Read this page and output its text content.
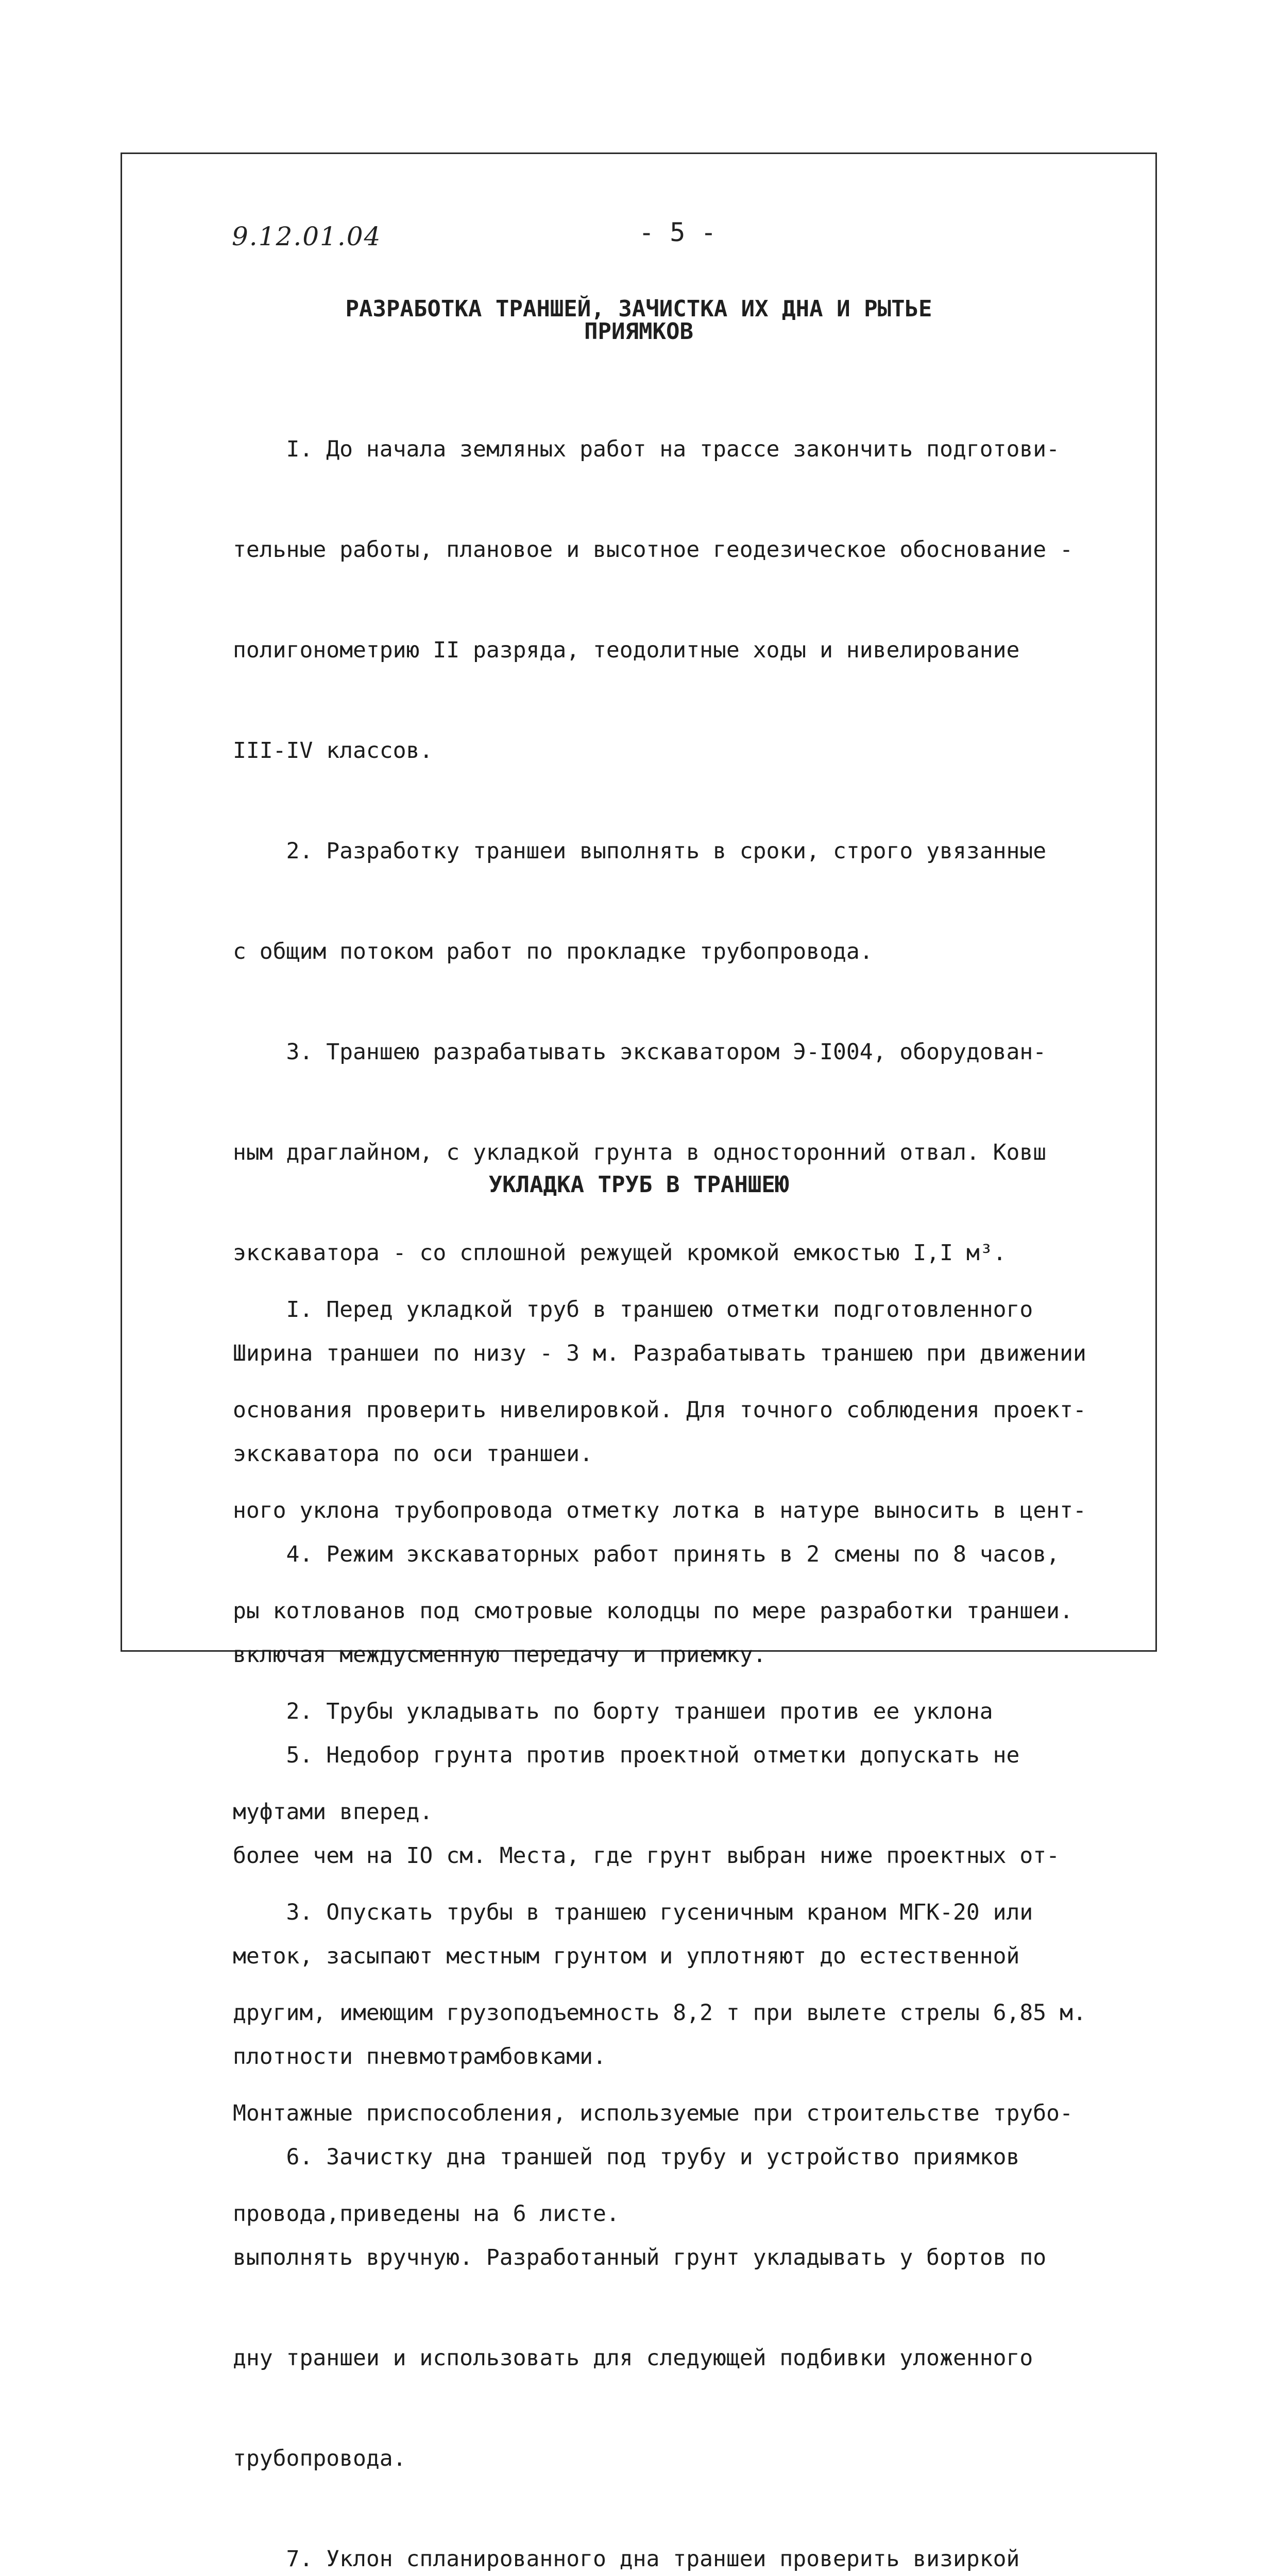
9.12.01.04	- 5 -
РАЗРАБОТКА ТРАНШЕЙ, ЗАЧИСТКА ИХ ДНА И РЫТЬЕ
ПРИЯМКОВ

I. До начала земляных работ на трассе закончить подготови-

тельные работы, плановое и высотное геодезическое обоснование -

полигонометрию II разряда, теодолитные ходы и нивелирование

III-IV классов.

2. Разработку траншеи выполнять в сроки, строго увязанные

с общим потоком работ по прокладке трубопровода.

3. Траншею разрабатывать экскаватором Э-I004, оборудован-

ным драглайном, с укладкой грунта в односторонний отвал. Ковш

экскаватора - со сплошной режущей кромкой емкостью I,I м³.

Ширина траншеи по низу - 3 м. Разрабатывать траншею при движении

экскаватора по оси траншеи.

4. Режим экскаваторных работ принять в 2 смены по 8 часов,

включая междусменную передачу и приемку.

5. Недобор грунта против проектной отметки допускать не

более чем на IO см. Места, где грунт выбран ниже проектных от-

меток, засыпают местным грунтом и уплотняют до естественной

плотности пневмотрамбовками.

6. Зачистку дна траншей под трубу и устройство приямков

выполнять вручную. Разработанный грунт укладывать у бортов по

дну траншеи и использовать для следующей подбивки уложенного

трубопровода.

7. Уклон спланированного дна траншеи проверить визиркой

УКЛАДКА ТРУБ В ТРАНШЕЮ

I. Перед укладкой труб в траншею отметки подготовленного

основания проверить нивелировкой. Для точного соблюдения проект-

ного уклона трубопровода отметку лотка в натуре выносить в цент-

ры котлованов под смотровые колодцы по мере разработки траншеи.

2. Трубы укладывать по борту траншеи против ее уклона

муфтами вперед.

3. Опускать трубы в траншею гусеничным краном МГК-20 или

другим, имеющим грузоподъемность 8,2 т при вылете стрелы 6,85 м.

Монтажные приспособления, используемые при строительстве трубо-

провода,приведены на 6 листе.
